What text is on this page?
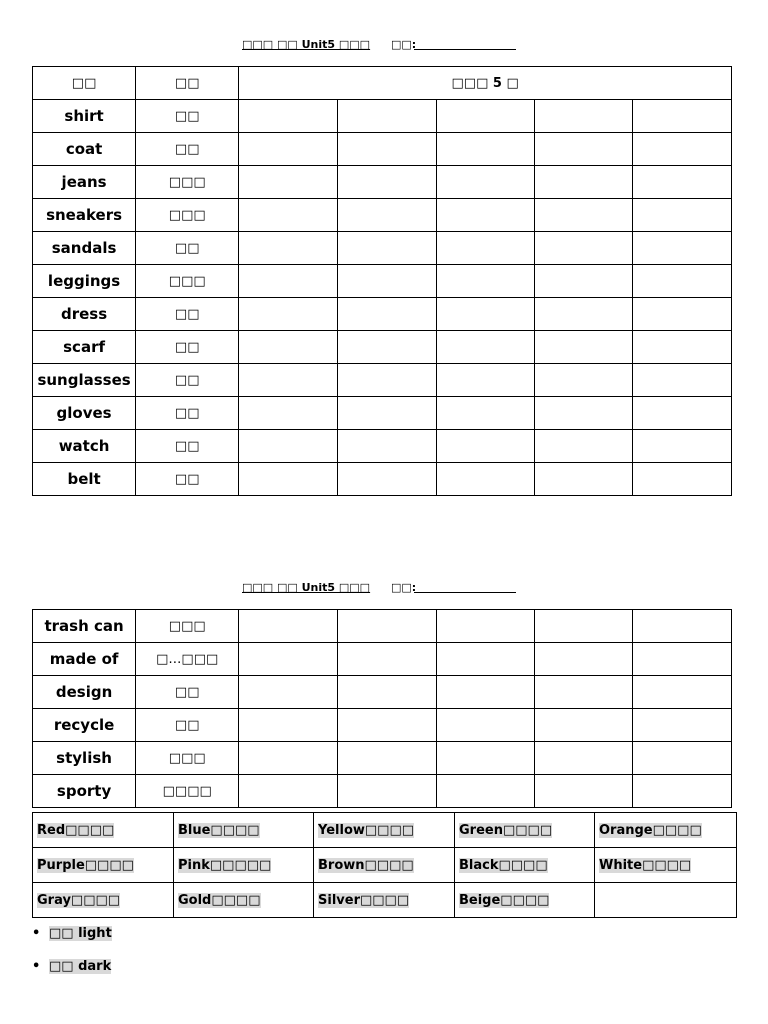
□□□ □□ Unit5 □□□ □□:
□□	□□	□□□ 5 □				
shirt	□□					
coat	□□					
jeans	□□□					
sneakers	□□□					
sandals	□□					
leggings	□□□					
dress	□□					
scarf	□□					
sunglasses	□□					
gloves	□□					
watch	□□					
belt	□□					
□□□ □□ Unit5 □□□ □□:
trash can	□□□					
made of	□…□□□					
design	□□					
recycle	□□					
stylish	□□□					
sporty	□□□□					
Red□□□□	Blue□□□□	Yellow□□□□	Green□□□□	Orange□□□□
Purple□□□□	Pink□□□□□	Brown□□□□	Black□□□□	White□□□□
Gray□□□□	Gold□□□□	Silver□□□□	Beige□□□□	
• □□ light
• □□ dark
